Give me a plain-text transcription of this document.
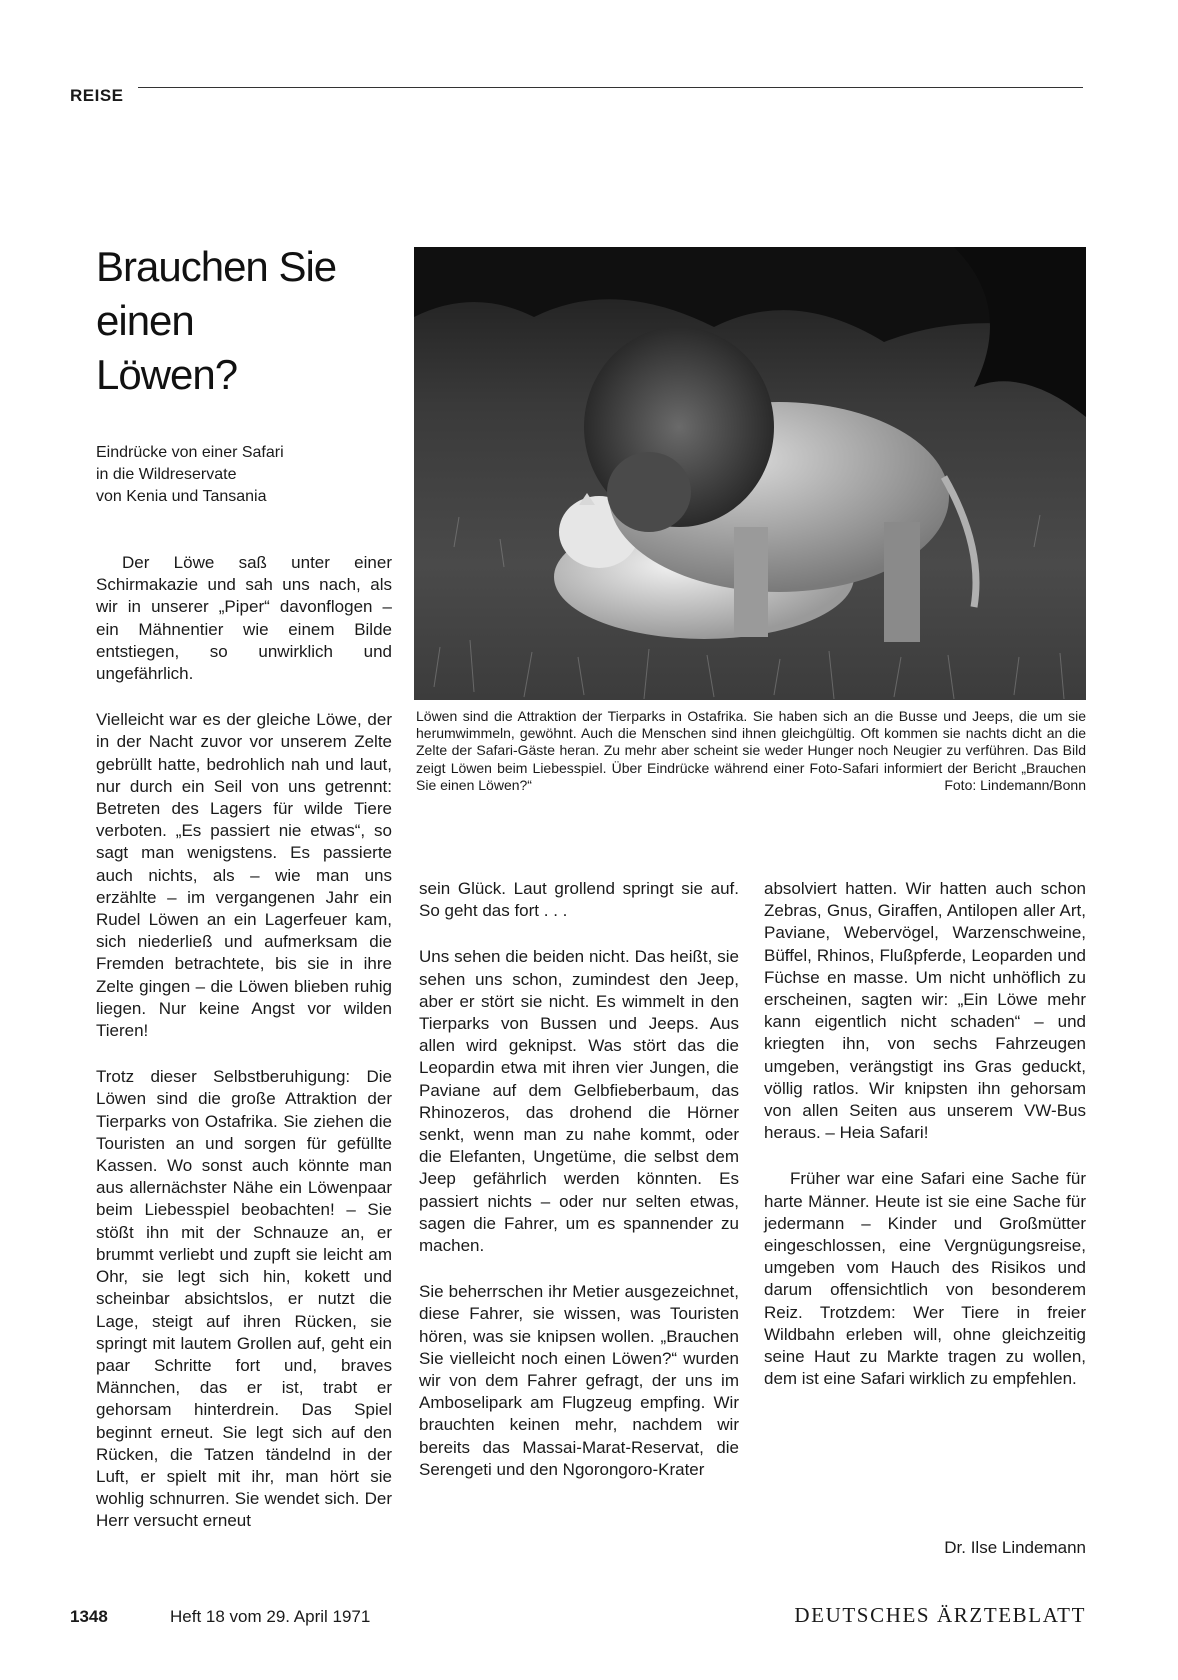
REISE
Brauchen Sie
einen
Löwen?
Eindrücke von einer Safari
in die Wildreservate
von Kenia und Tansania
Löwen sind die Attraktion der Tierparks in Ostafrika. Sie haben sich an die Busse und Jeeps, die um sie herumwimmeln, gewöhnt. Auch die Menschen sind ihnen gleichgültig. Oft kommen sie nachts dicht an die Zelte der Safari-Gäste heran. Zu mehr aber scheint sie weder Hunger noch Neugier zu verführen. Das Bild zeigt Löwen beim Liebesspiel. Über Eindrücke während einer Foto-Safari informiert der Bericht „Brauchen Sie einen Löwen?“	Foto: Lindemann/Bonn

Der Löwe saß unter einer Schirmakazie und sah uns nach, als wir in unserer „Piper“ davonflogen – ein Mähnentier wie einem Bilde entstiegen, so unwirklich und ungefährlich.

Vielleicht war es der gleiche Löwe, der in der Nacht zuvor vor unserem Zelte gebrüllt hatte, bedrohlich nah und laut, nur durch ein Seil von uns getrennt: Betreten des Lagers für wilde Tiere verboten. „Es passiert nie etwas“, so sagt man wenigstens. Es passierte auch nichts, als – wie man uns erzählte – im vergangenen Jahr ein Rudel Löwen an ein Lagerfeuer kam, sich niederließ und aufmerksam die Fremden betrachtete, bis sie in ihre Zelte gingen – die Löwen blieben ruhig liegen. Nur keine Angst vor wilden Tieren!

Trotz dieser Selbstberuhigung: Die Löwen sind die große Attraktion der Tierparks von Ostafrika. Sie ziehen die Touristen an und sorgen für gefüllte Kassen. Wo sonst auch könnte man aus allernächster Nähe ein Löwenpaar beim Liebesspiel beobachten! – Sie stößt ihn mit der Schnauze an, er brummt verliebt und zupft sie leicht am Ohr, sie legt sich hin, kokett und scheinbar absichtslos, er nutzt die Lage, steigt auf ihren Rücken, sie springt mit lautem Grollen auf, geht ein paar Schritte fort und, braves Männchen, das er ist, trabt er gehorsam hinterdrein. Das Spiel beginnt erneut. Sie legt sich auf den Rücken, die Tatzen tändelnd in der Luft, er spielt mit ihr, man hört sie wohlig schnurren. Sie wendet sich. Der Herr versucht erneut

sein Glück. Laut grollend springt sie auf. So geht das fort . . .

Uns sehen die beiden nicht. Das heißt, sie sehen uns schon, zumindest den Jeep, aber er stört sie nicht. Es wimmelt in den Tierparks von Bussen und Jeeps. Aus allen wird geknipst. Was stört das die Leopardin etwa mit ihren vier Jungen, die Paviane auf dem Gelbfieberbaum, das Rhinozeros, das drohend die Hörner senkt, wenn man zu nahe kommt, oder die Elefanten, Ungetüme, die selbst dem Jeep gefährlich werden könnten. Es passiert nichts – oder nur selten etwas, sagen die Fahrer, um es spannender zu machen.

Sie beherrschen ihr Metier ausgezeichnet, diese Fahrer, sie wissen, was Touristen hören, was sie knipsen wollen. „Brauchen Sie vielleicht noch einen Löwen?“ wurden wir von dem Fahrer gefragt, der uns im Amboselipark am Flugzeug empfing. Wir brauchten keinen mehr, nachdem wir bereits das Massai-Marat-Reservat, die Serengeti und den Ngorongoro-Krater

absolviert hatten. Wir hatten auch schon Zebras, Gnus, Giraffen, Antilopen aller Art, Paviane, Webervögel, Warzenschweine, Büffel, Rhinos, Flußpferde, Leoparden und Füchse en masse. Um nicht unhöflich zu erscheinen, sagten wir: „Ein Löwe mehr kann eigentlich nicht schaden“ – und kriegten ihn, von sechs Fahrzeugen umgeben, verängstigt ins Gras geduckt, völlig ratlos. Wir knipsten ihn gehorsam von allen Seiten aus unserem VW-Bus heraus. – Heia Safari!

Früher war eine Safari eine Sache für harte Männer. Heute ist sie eine Sache für jedermann – Kinder und Großmütter eingeschlossen, eine Vergnügungsreise, umgeben vom Hauch des Risikos und darum offensichtlich von besonderem Reiz. Trotzdem: Wer Tiere in freier Wildbahn erleben will, ohne gleichzeitig seine Haut zu Markte tragen zu wollen, dem ist eine Safari wirklich zu empfehlen.

Dr. Ilse Lindemann
1348	Heft 18 vom 29. April 1971	DEUTSCHES ÄRZTEBLATT
